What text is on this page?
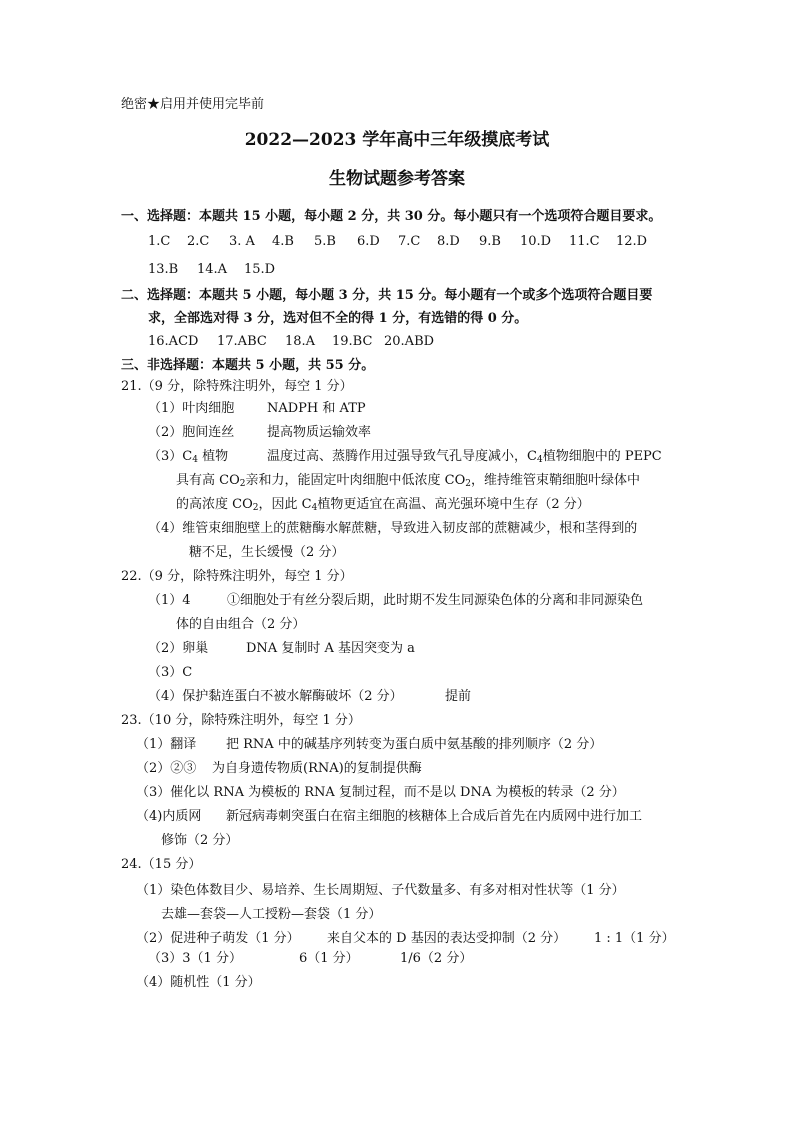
绝密★启用并使用完毕前
2022—2023 学年高中三年级摸底考试
生物试题参考答案
一、选择题：本题共 15 小题，每小题 2 分，共 30 分。每小题只有一个选项符合题目要求。
二、选择题：本题共 5 小题，每小题 3 分，共 15 分。每小题有一个或多个选项符合题目要
求，全部选对得 3 分，选对但不全的得 1 分，有选错的得 0 分。
三、非选择题：本题共 5 小题，共 55 分。
21.（9 分，除特殊注明外，每空 1 分）
（1）叶肉细胞	NADPH 和 ATP
（2）胞间连丝	提高物质运输效率
$(3)C_4$ 植物	温度过高、蒸腾作用过强导致气孔导度减小，$C_4$植物细胞中的 PEPC
具有高 $CO_2$亲和力，能固定叶肉细胞中低浓度 $CO_2$，维持维管束鞘细胞叶绿体中
的高浓度 $CO_2$，因此 $C_4$植物更适宜在高温、高光强环境中生存（2 分）
（4）维管束细胞壁上的蔗糖酶水解蔗糖，导致进入韧皮部的蔗糖减少，根和茎得到的
糖不足，生长缓慢（2 分）
22.（9 分，除特殊注明外，每空 1 分）
（1）4	①细胞处于有丝分裂后期，此时期不发生同源染色体的分离和非同源染色
体的自由组合（2 分）
（2）卵巢	DNA 复制时 A 基因突变为 a
（3）C
（4）保护黏连蛋白不被水解酶破坏（2 分）	提前
23.（10 分，除特殊注明外，每空 1 分）
（1）翻译 把 RNA 中的碱基序列转变为蛋白质中氨基酸的排列顺序（2 分）
（2）②③ 为自身遗传物质(RNA)的复制提供酶
（3）催化以 RNA 为模板的 RNA 复制过程，而不是以 DNA 为模板的转录（2 分）
（4)内质网 新冠病毒刺突蛋白在宿主细胞的核糖体上合成后首先在内质网中进行加工
修饰（2 分）
24.（15 分）
（1）染色体数目少、易培养、生长周期短、子代数量多、有多对相对性状等（1 分）
去雄—套袋—人工授粉—套袋（1 分）
（2）促进种子萌发（1 分） 来自父本的 D 基因的表达受抑制（2 分） 1 : 1（1 分）
（3）3（1 分）	6（1 分）	1/6（2 分）
（4）随机性（1 分）
1.C 2.C 3. A 4.B 5.B 6.D 7.C 8.D 9.B 10.D 11.C 12.D
13.B 14.A 15.D
16.ACD 17.ABC 18.A 19.BC 20.ABD
